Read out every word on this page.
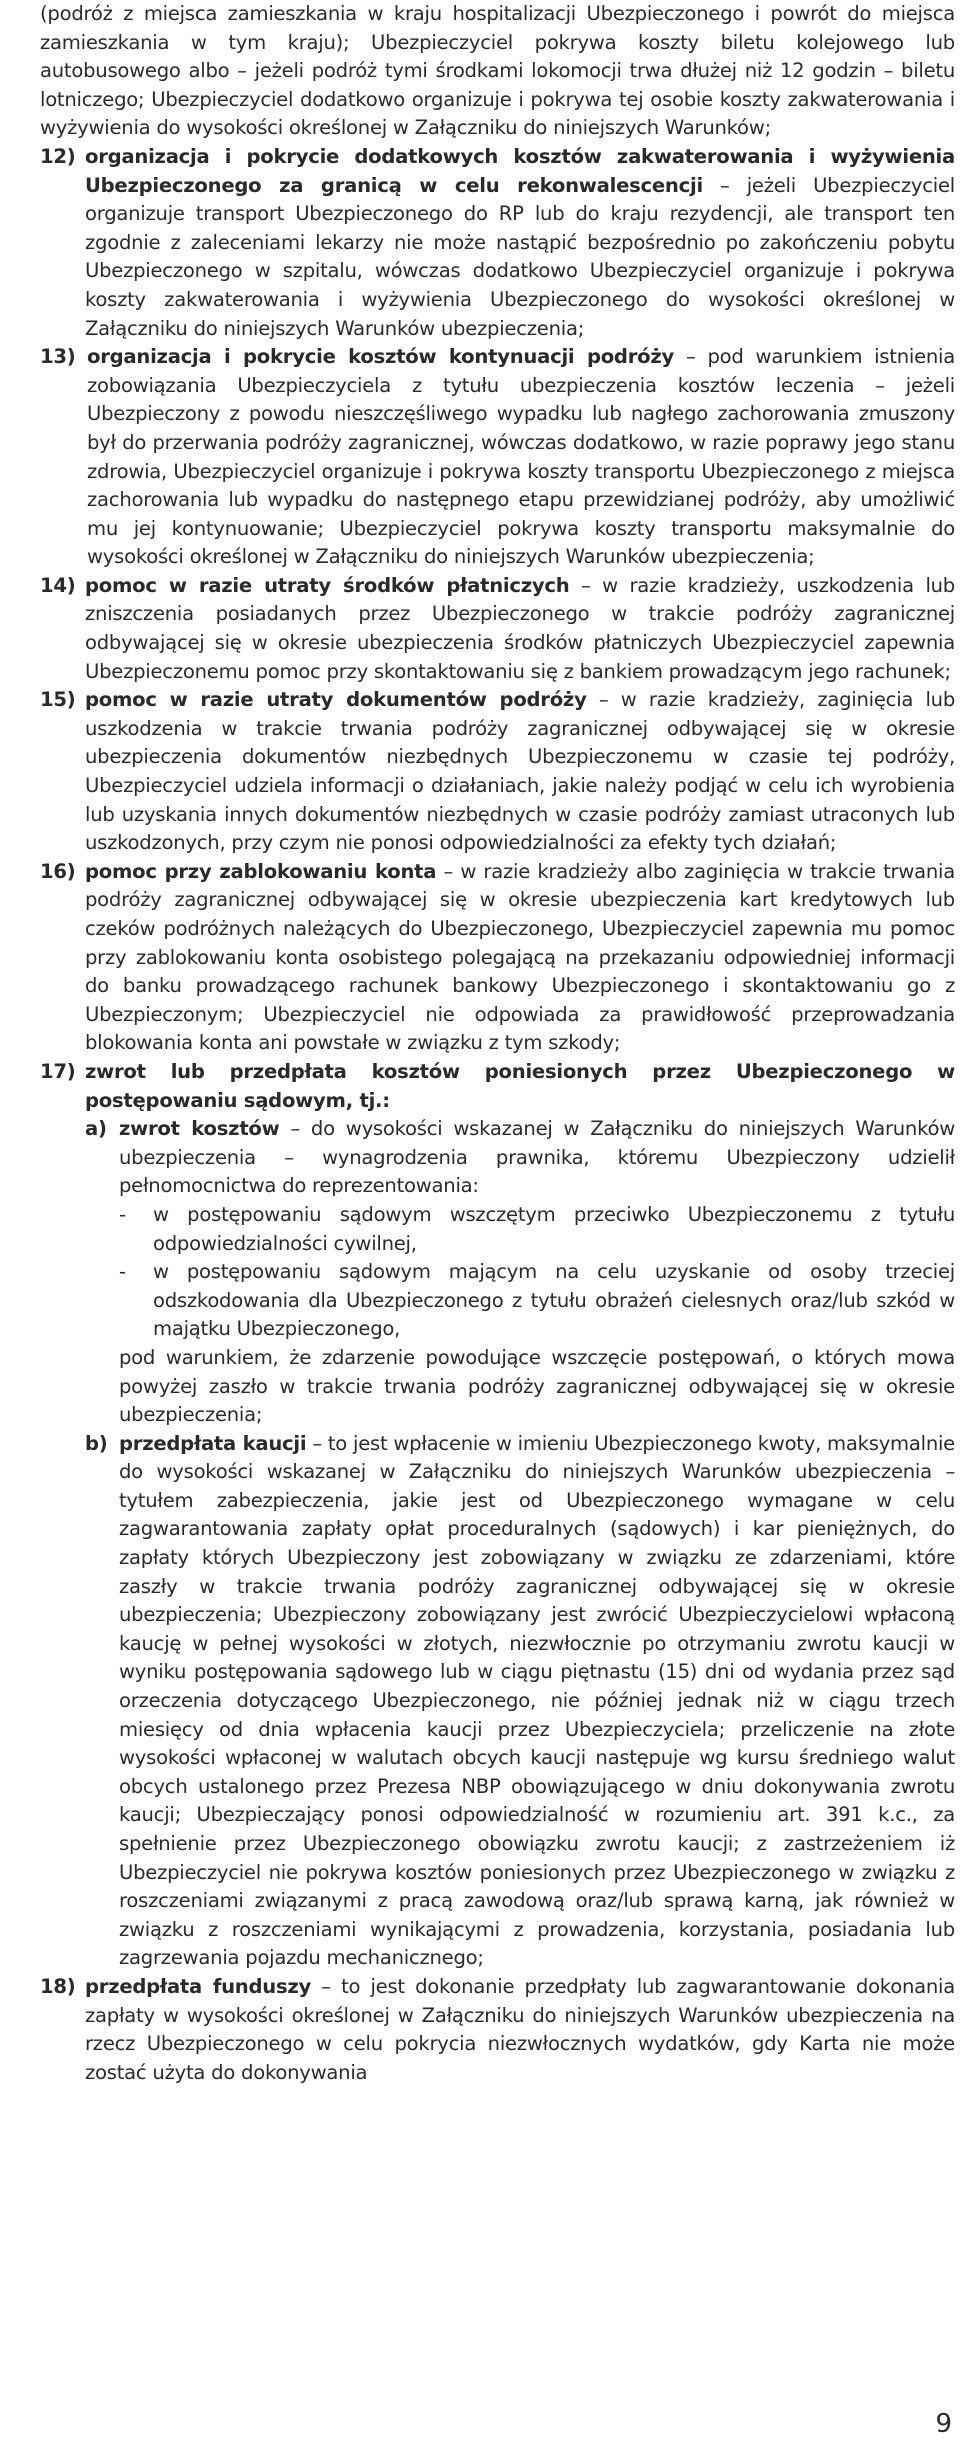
(podróż z miejsca zamieszkania w kraju hospitalizacji Ubezpieczonego i powrót do miejsca zamieszkania w tym kraju); Ubezpieczyciel pokrywa koszty biletu kolejowego lub autobusowego albo – jeżeli podróż tymi środkami lokomocji trwa dłużej niż 12 godzin – biletu lotniczego; Ubezpieczyciel dodatkowo organizuje i pokrywa tej osobie koszty zakwaterowania i wyżywienia do wysokości określonej w Załączniku do niniejszych Warunków;

12) organizacja i pokrycie dodatkowych kosztów zakwaterowania i wyżywienia Ubezpieczonego za granicą w celu rekonwalescencji – jeżeli Ubezpieczyciel organizuje transport Ubezpieczonego do RP lub do kraju rezydencji, ale transport ten zgodnie z zaleceniami lekarzy nie może nastąpić bezpośrednio po zakończeniu pobytu Ubezpieczonego w szpitalu, wówczas dodatkowo Ubezpieczyciel organizuje i pokrywa koszty zakwaterowania i wyżywienia Ubezpieczonego do wysokości określonej w Załączniku do niniejszych Warunków ubezpieczenia;
13) organizacja i pokrycie kosztów kontynuacji podróży – pod warunkiem istnienia zobowiązania Ubezpieczyciela z tytułu ubezpieczenia kosztów leczenia – jeżeli Ubezpieczony z powodu nieszczęśliwego wypadku lub nagłego zachorowania zmuszony był do przerwania podróży zagranicznej, wówczas dodatkowo, w razie poprawy jego stanu zdrowia, Ubezpieczyciel organizuje i pokrywa koszty transportu Ubezpieczonego z miejsca zachorowania lub wypadku do następnego etapu przewidzianej podróży, aby umożliwić mu jej kontynuowanie; Ubezpieczyciel pokrywa koszty transportu maksymalnie do wysokości określonej w Załączniku do niniejszych Warunków ubezpieczenia;
14) pomoc w razie utraty środków płatniczych – w razie kradzieży, uszkodzenia lub zniszczenia posiadanych przez Ubezpieczonego w trakcie podróży zagranicznej odbywającej się w okresie ubezpieczenia środków płatniczych Ubezpieczyciel zapewnia Ubezpieczonemu pomoc przy skontaktowaniu się z bankiem prowadzącym jego rachunek;
15) pomoc w razie utraty dokumentów podróży – w razie kradzieży, zaginięcia lub uszkodzenia w trakcie trwania podróży zagranicznej odbywającej się w okresie ubezpieczenia dokumentów niezbędnych Ubezpieczonemu w czasie tej podróży, Ubezpieczyciel udziela informacji o działaniach, jakie należy podjąć w celu ich wyrobienia lub uzyskania innych dokumentów niezbędnych w czasie podróży zamiast utraconych lub uszkodzonych, przy czym nie ponosi odpowiedzialności za efekty tych działań;
16) pomoc przy zablokowaniu konta – w razie kradzieży albo zaginięcia w trakcie trwania podróży zagranicznej odbywającej się w okresie ubezpieczenia kart kredytowych lub czeków podróżnych należących do Ubezpieczonego, Ubezpieczyciel zapewnia mu pomoc przy zablokowaniu konta osobistego polegającą na przekazaniu odpowiedniej informacji do banku prowadzącego rachunek bankowy Ubezpieczonego i skontaktowaniu go z Ubezpieczonym; Ubezpieczyciel nie odpowiada za prawidłowość przeprowadzania blokowania konta ani powstałe w związku z tym szkody;
17) zwrot lub przedpłata kosztów poniesionych przez Ubezpieczonego w postępowaniu sądowym, tj.:
a) zwrot kosztów – do wysokości wskazanej w Załączniku do niniejszych Warunków ubezpieczenia – wynagrodzenia prawnika, któremu Ubezpieczony udzielił pełnomocnictwa do reprezentowania:
-	w postępowaniu sądowym wszczętym przeciwko Ubezpieczonemu z tytułu odpowiedzialności cywilnej,
-	w postępowaniu sądowym mającym na celu uzyskanie od osoby trzeciej odszkodowania dla Ubezpieczonego z tytułu obrażeń cielesnych oraz/lub szkód w majątku Ubezpieczonego,
pod warunkiem, że zdarzenie powodujące wszczęcie postępowań, o których mowa powyżej zaszło w trakcie trwania podróży zagranicznej odbywającej się w okresie ubezpieczenia;
b) przedpłata kaucji – to jest wpłacenie w imieniu Ubezpieczonego kwoty, maksymalnie do wysokości wskazanej w Załączniku do niniejszych Warunków ubezpieczenia – tytułem zabezpieczenia, jakie jest od Ubezpieczonego wymagane w celu zagwarantowania zapłaty opłat proceduralnych (sądowych) i kar pieniężnych, do zapłaty których Ubezpieczony jest zobowiązany w związku ze zdarzeniami, które zaszły w trakcie trwania podróży zagranicznej odbywającej się w okresie ubezpieczenia; Ubezpieczony zobowiązany jest zwrócić Ubezpieczycielowi wpłaconą kaucję w pełnej wysokości w złotych, niezwłocznie po otrzymaniu zwrotu kaucji w wyniku postępowania sądowego lub w ciągu piętnastu (15) dni od wydania przez sąd orzeczenia dotyczącego Ubezpieczonego, nie później jednak niż w ciągu trzech miesięcy od dnia wpłacenia kaucji przez Ubezpieczyciela; przeliczenie na złote wysokości wpłaconej w walutach obcych kaucji następuje wg kursu średniego walut obcych ustalonego przez Prezesa NBP obowiązującego w dniu dokonywania zwrotu kaucji; Ubezpieczający ponosi odpowiedzialność w rozumieniu art. 391 k.c., za spełnienie przez Ubezpieczonego obowiązku zwrotu kaucji; z zastrzeżeniem iż Ubezpieczyciel nie pokrywa kosztów poniesionych przez Ubezpieczonego w związku z roszczeniami związanymi z pracą zawodową oraz/lub sprawą karną, jak również w związku z roszczeniami wynikającymi z prowadzenia, korzystania, posiadania lub zagrzewania pojazdu mechanicznego;
18) przedpłata funduszy – to jest dokonanie przedpłaty lub zagwarantowanie dokonania zapłaty w wysokości określonej w Załączniku do niniejszych Warunków ubezpieczenia na rzecz Ubezpieczonego w celu pokrycia niezwłocznych wydatków, gdy Karta nie może zostać użyta do dokonywania
9
